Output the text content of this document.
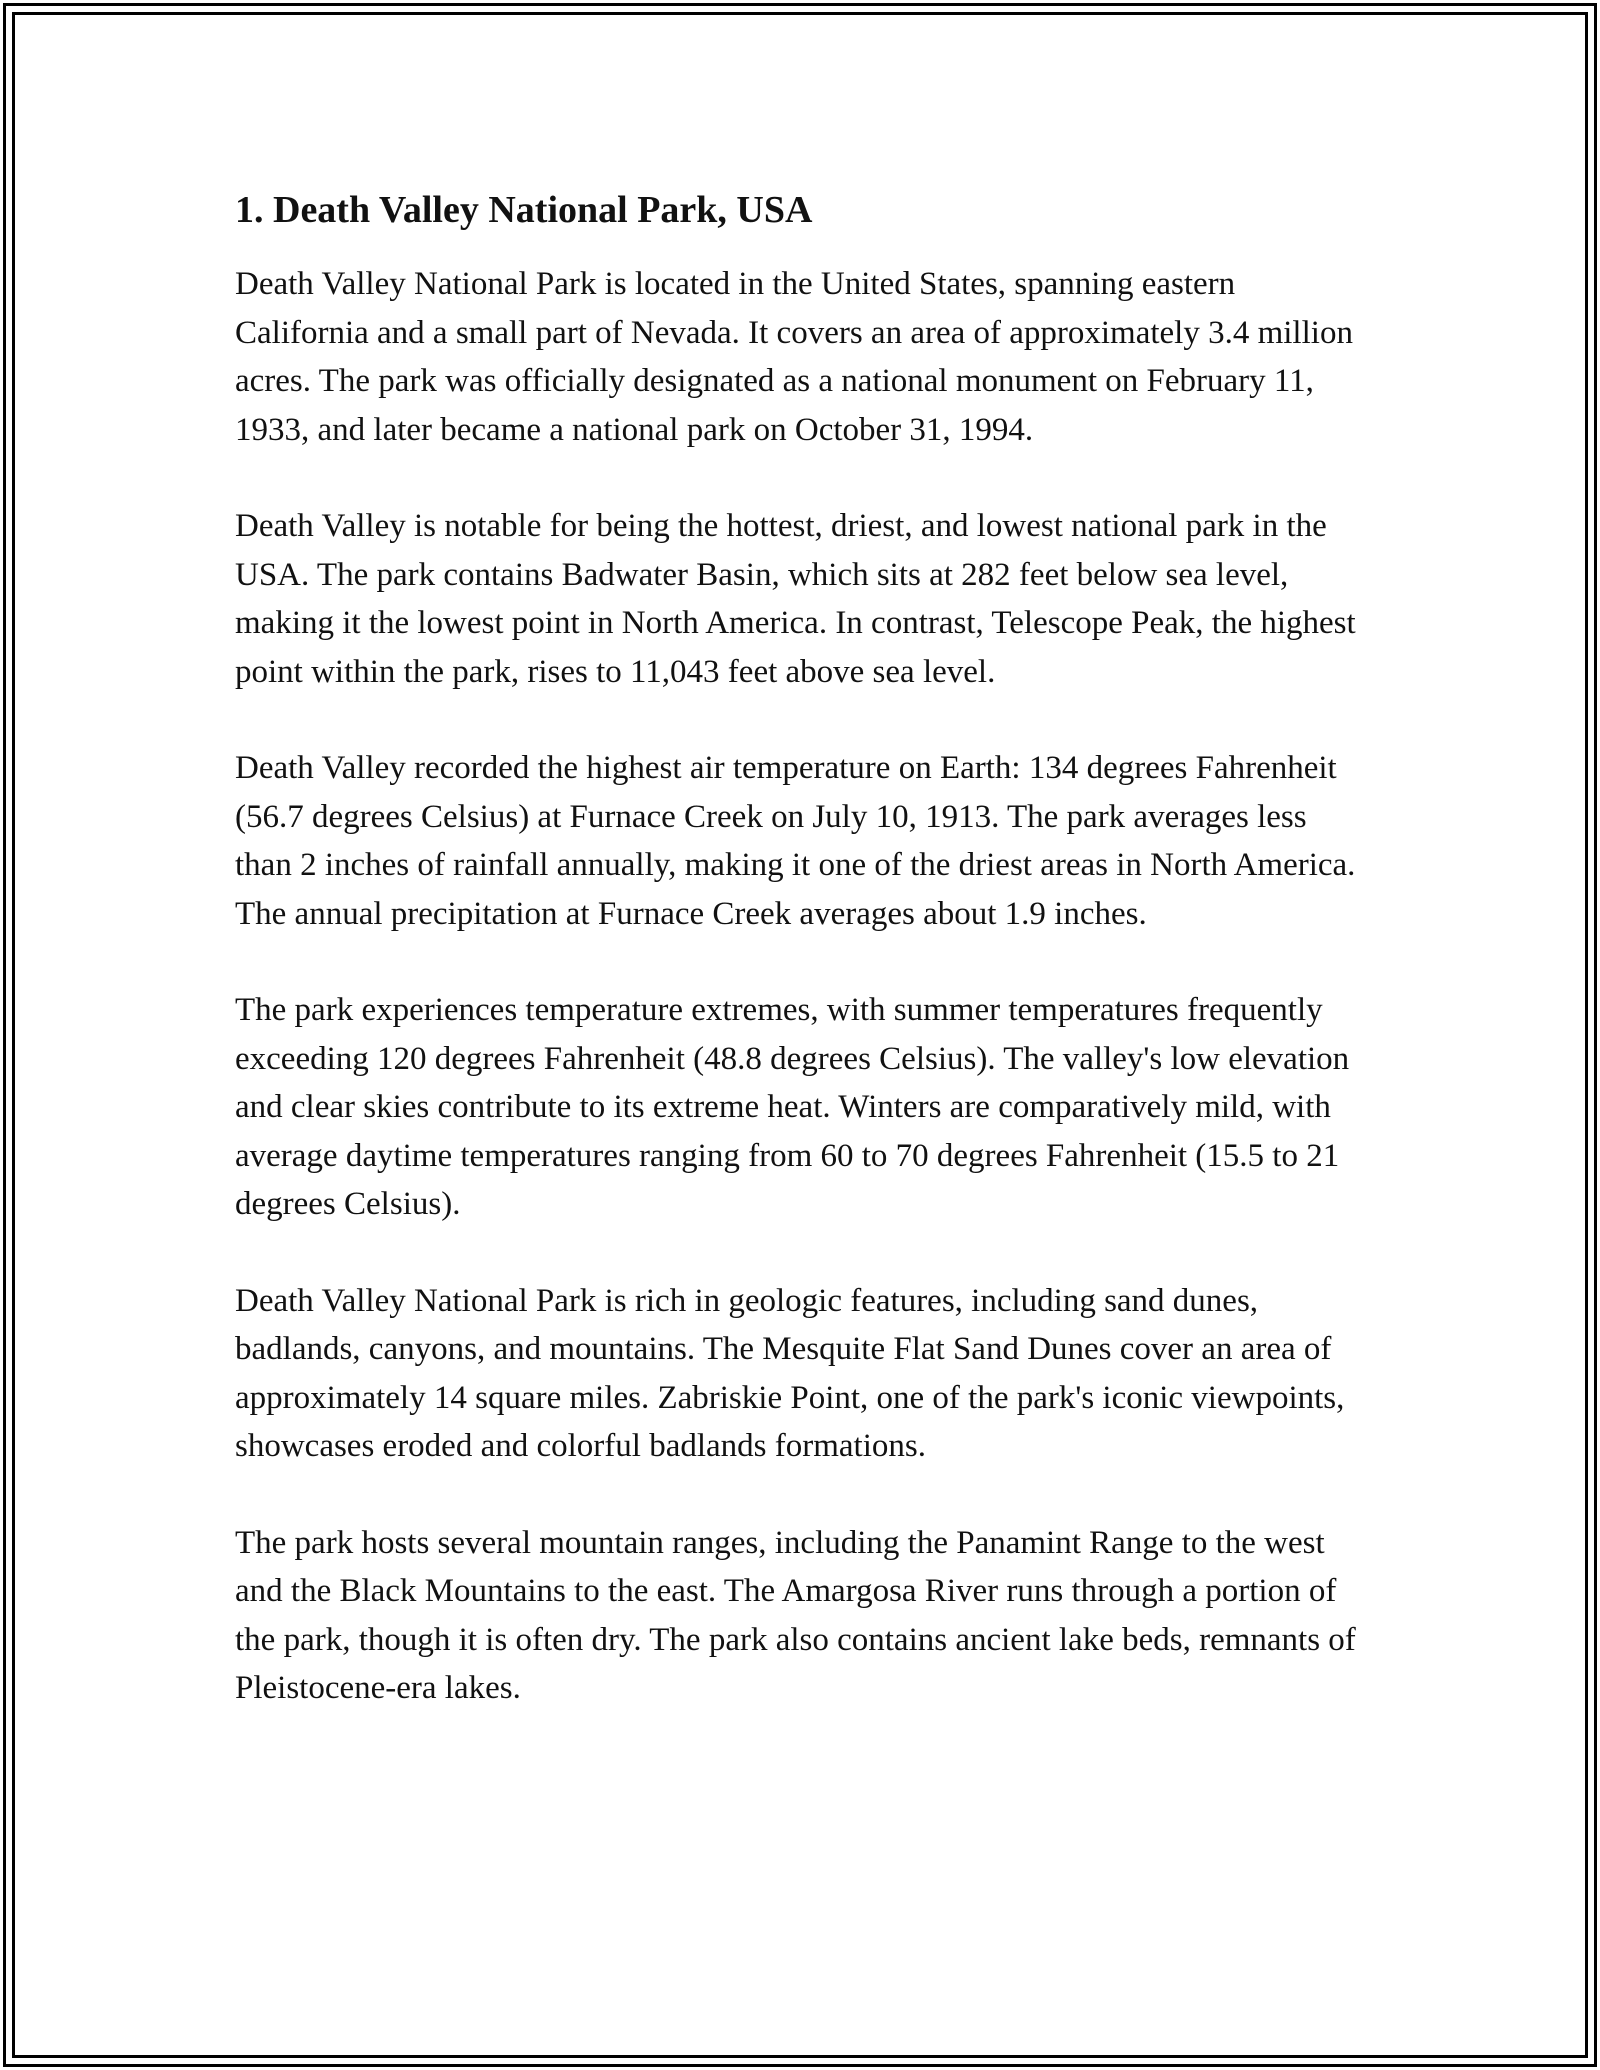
1. Death Valley National Park, USA

Death Valley National Park is located in the United States, spanning eastern California and a small part of Nevada. It covers an area of approximately 3.4 million acres. The park was officially designated as a national monument on February 11, 1933, and later became a national park on October 31, 1994.

Death Valley is notable for being the hottest, driest, and lowest national park in the USA. The park contains Badwater Basin, which sits at 282 feet below sea level, making it the lowest point in North America. In contrast, Telescope Peak, the highest point within the park, rises to 11,043 feet above sea level.

Death Valley recorded the highest air temperature on Earth: 134 degrees Fahrenheit (56.7 degrees Celsius) at Furnace Creek on July 10, 1913. The park averages less than 2 inches of rainfall annually, making it one of the driest areas in North America. The annual precipitation at Furnace Creek averages about 1.9 inches.

The park experiences temperature extremes, with summer temperatures frequently exceeding 120 degrees Fahrenheit (48.8 degrees Celsius). The valley's low elevation and clear skies contribute to its extreme heat. Winters are comparatively mild, with average daytime temperatures ranging from 60 to 70 degrees Fahrenheit (15.5 to 21 degrees Celsius).

Death Valley National Park is rich in geologic features, including sand dunes, badlands, canyons, and mountains. The Mesquite Flat Sand Dunes cover an area of approximately 14 square miles. Zabriskie Point, one of the park's iconic viewpoints, showcases eroded and colorful badlands formations.

The park hosts several mountain ranges, including the Panamint Range to the west and the Black Mountains to the east. The Amargosa River runs through a portion of the park, though it is often dry. The park also contains ancient lake beds, remnants of Pleistocene-era lakes.
